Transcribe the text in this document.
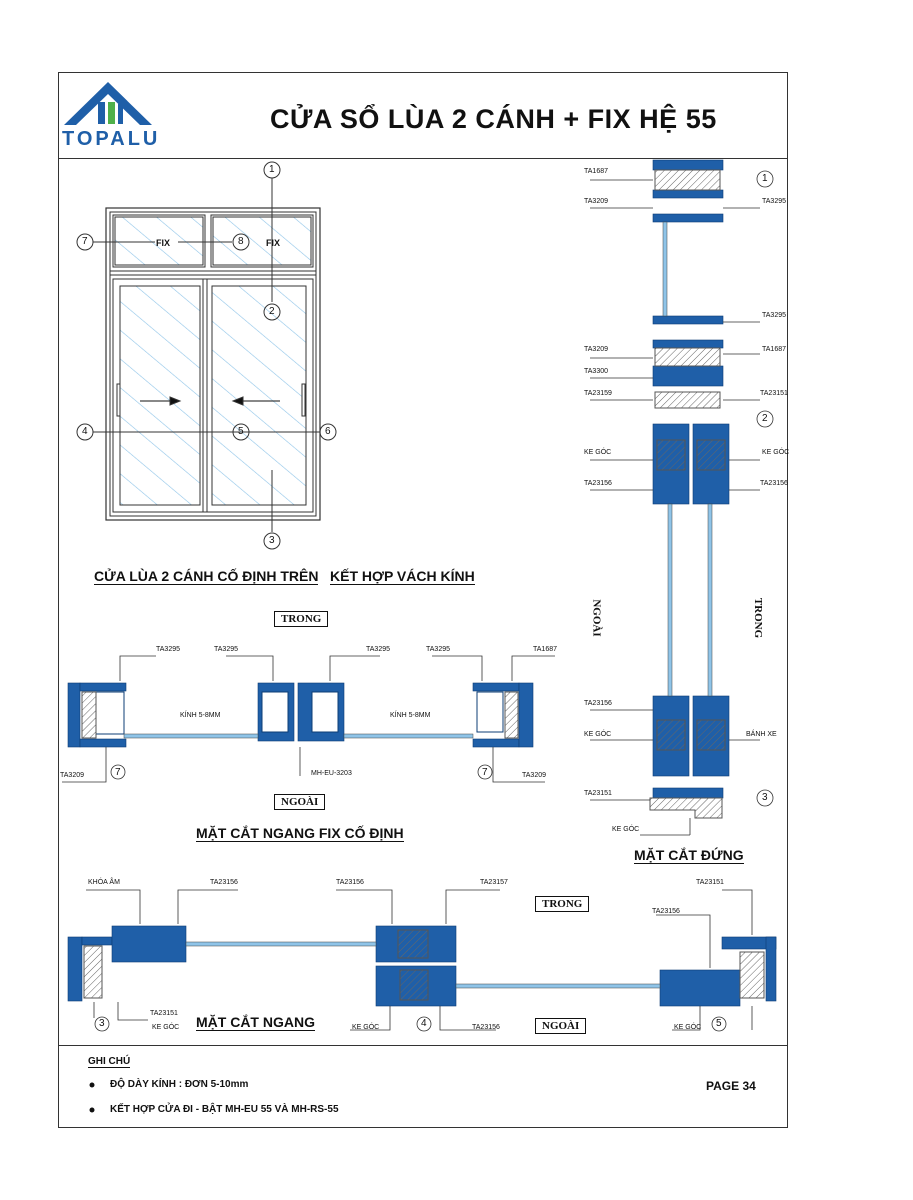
TOPALU
CỬA SỔ LÙA 2 CÁNH + FIX HỆ 55
FIX	FIX
1
2
3
4	5	6
7	8
CỬA LÙA 2 CÁNH CỐ ĐỊNH TRÊN KẾT HỢP VÁCH KÍNH
TRONG
NGOÀI
TA3295	TA3295	TA3295	TA3295	TA1687
KÍNH 5-8MM	KÍNH 5-8MM
MH-EU-3203
TA3209	TA3209
7	7
MẶT CẮT NGANG FIX CỐ ĐỊNH
TA1687
TA3209	TA3295
TA3295
TA3209	TA1687
TA3300
TA23159	TA23151
KE GÓC	KE GÓC
TA23156	TA23156
NGOÀI	TRONG
TA23156
KE GÓC
TA23151
KE GÓC
BÁNH XE
1
2
3
MẶT CẮT ĐỨNG
KHÓA ÂM	TA23156	TA23156	TA23157	TA23151
TA23156
TRONG
NGOÀI
TA23151
KE GÓC	KE GÓC	TA23156	KE GÓC
3	4	5
MẶT CẮT NGANG
GHI CHÚ
ĐỘ DÀY KÍNH : ĐƠN 5-10mm
KẾT HỢP CỬA ĐI - BẬT MH-EU 55 VÀ MH-RS-55
PAGE 34
